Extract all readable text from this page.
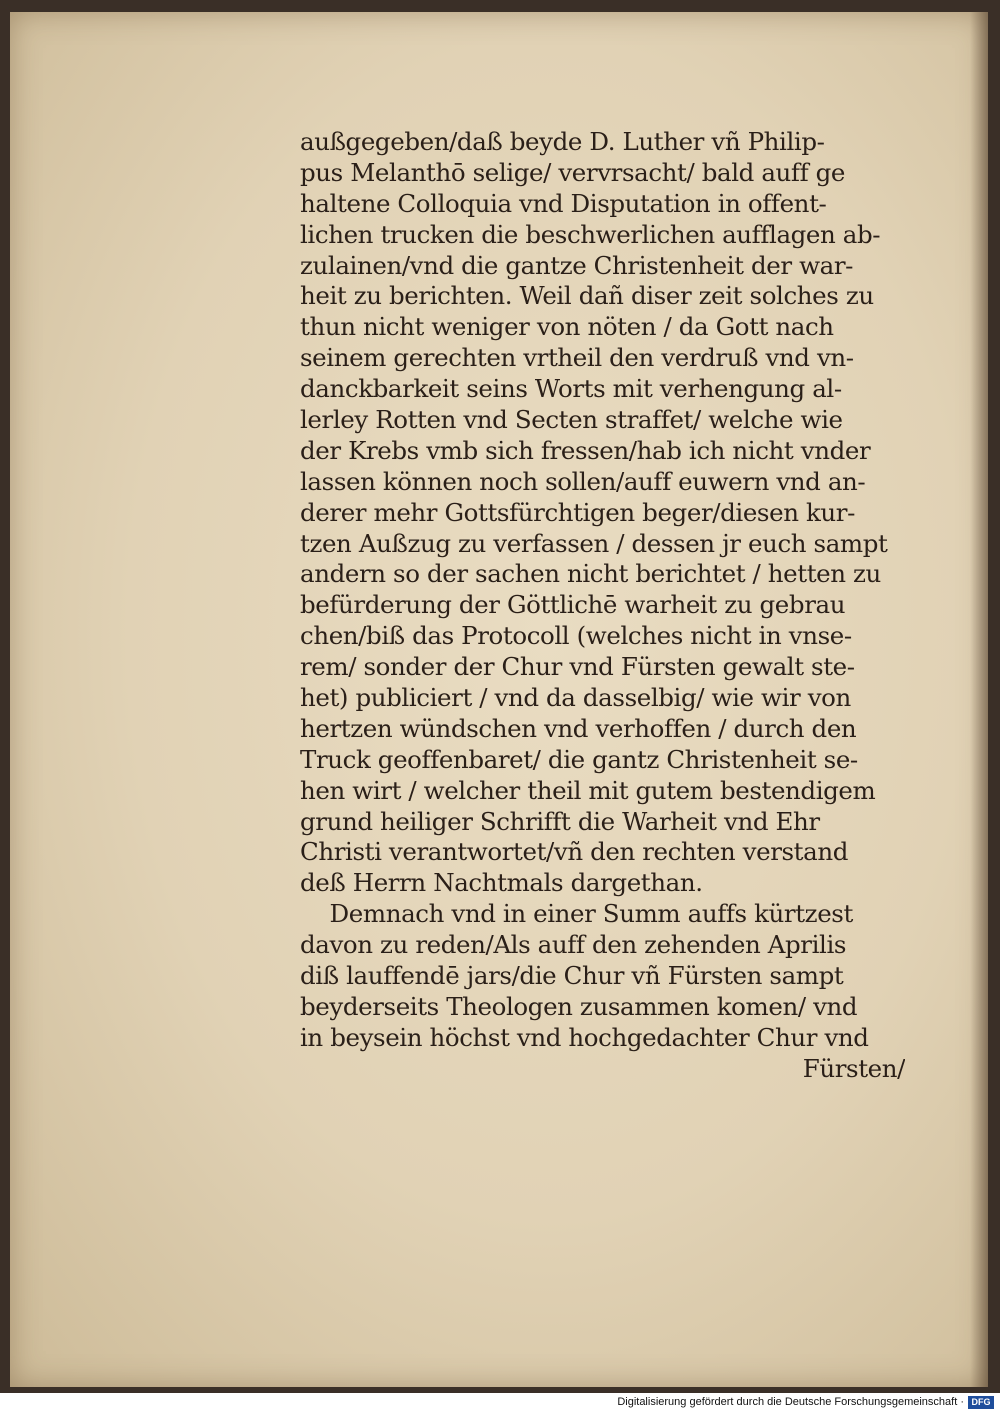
außgegeben/daß beyde D. Luther vñ Philip-
pus Melanthō selige/ vervrsacht/ bald auff ge
haltene Colloquia vnd Disputation in offent-
lichen trucken die beschwerlichen aufflagen ab-
zulainen/vnd die gantze Christenheit der war-
heit zu berichten. Weil dañ diser zeit solches zu
thun nicht weniger von nöten / da Gott nach
seinem gerechten vrtheil den verdruß vnd vn-
danckbarkeit seins Worts mit verhengung al-
lerley Rotten vnd Secten straffet/ welche wie
der Krebs vmb sich fressen/hab ich nicht vnder
lassen können noch sollen/auff euwern vnd an-
derer mehr Gottsfürchtigen beger/diesen kur-
tzen Außzug zu verfassen / dessen jr euch sampt
andern so der sachen nicht berichtet / hetten zu
befürderung der Göttlichē warheit zu gebrau
chen/biß das Protocoll (welches nicht in vnse-
rem/ sonder der Chur vnd Fürsten gewalt ste-
het) publiciert / vnd da dasselbig/ wie wir von
hertzen wündschen vnd verhoffen / durch den
Truck geoffenbaret/ die gantz Christenheit se-
hen wirt / welcher theil mit gutem bestendigem
grund heiliger Schrifft die Warheit vnd Ehr
Christi verantwortet/vñ den rechten verstand
deß Herrn Nachtmals dargethan.
Demnach vnd in einer Summ auffs kürtzest
davon zu reden/Als auff den zehenden Aprilis
diß lauffendē jars/die Chur vñ Fürsten sampt
beyderseits Theologen zusammen komen/ vnd
in beysein höchst vnd hochgedachter Chur vnd
Fürsten/
Digitalisierung gefördert durch die Deutsche Forschungsgemeinschaft · DFG
